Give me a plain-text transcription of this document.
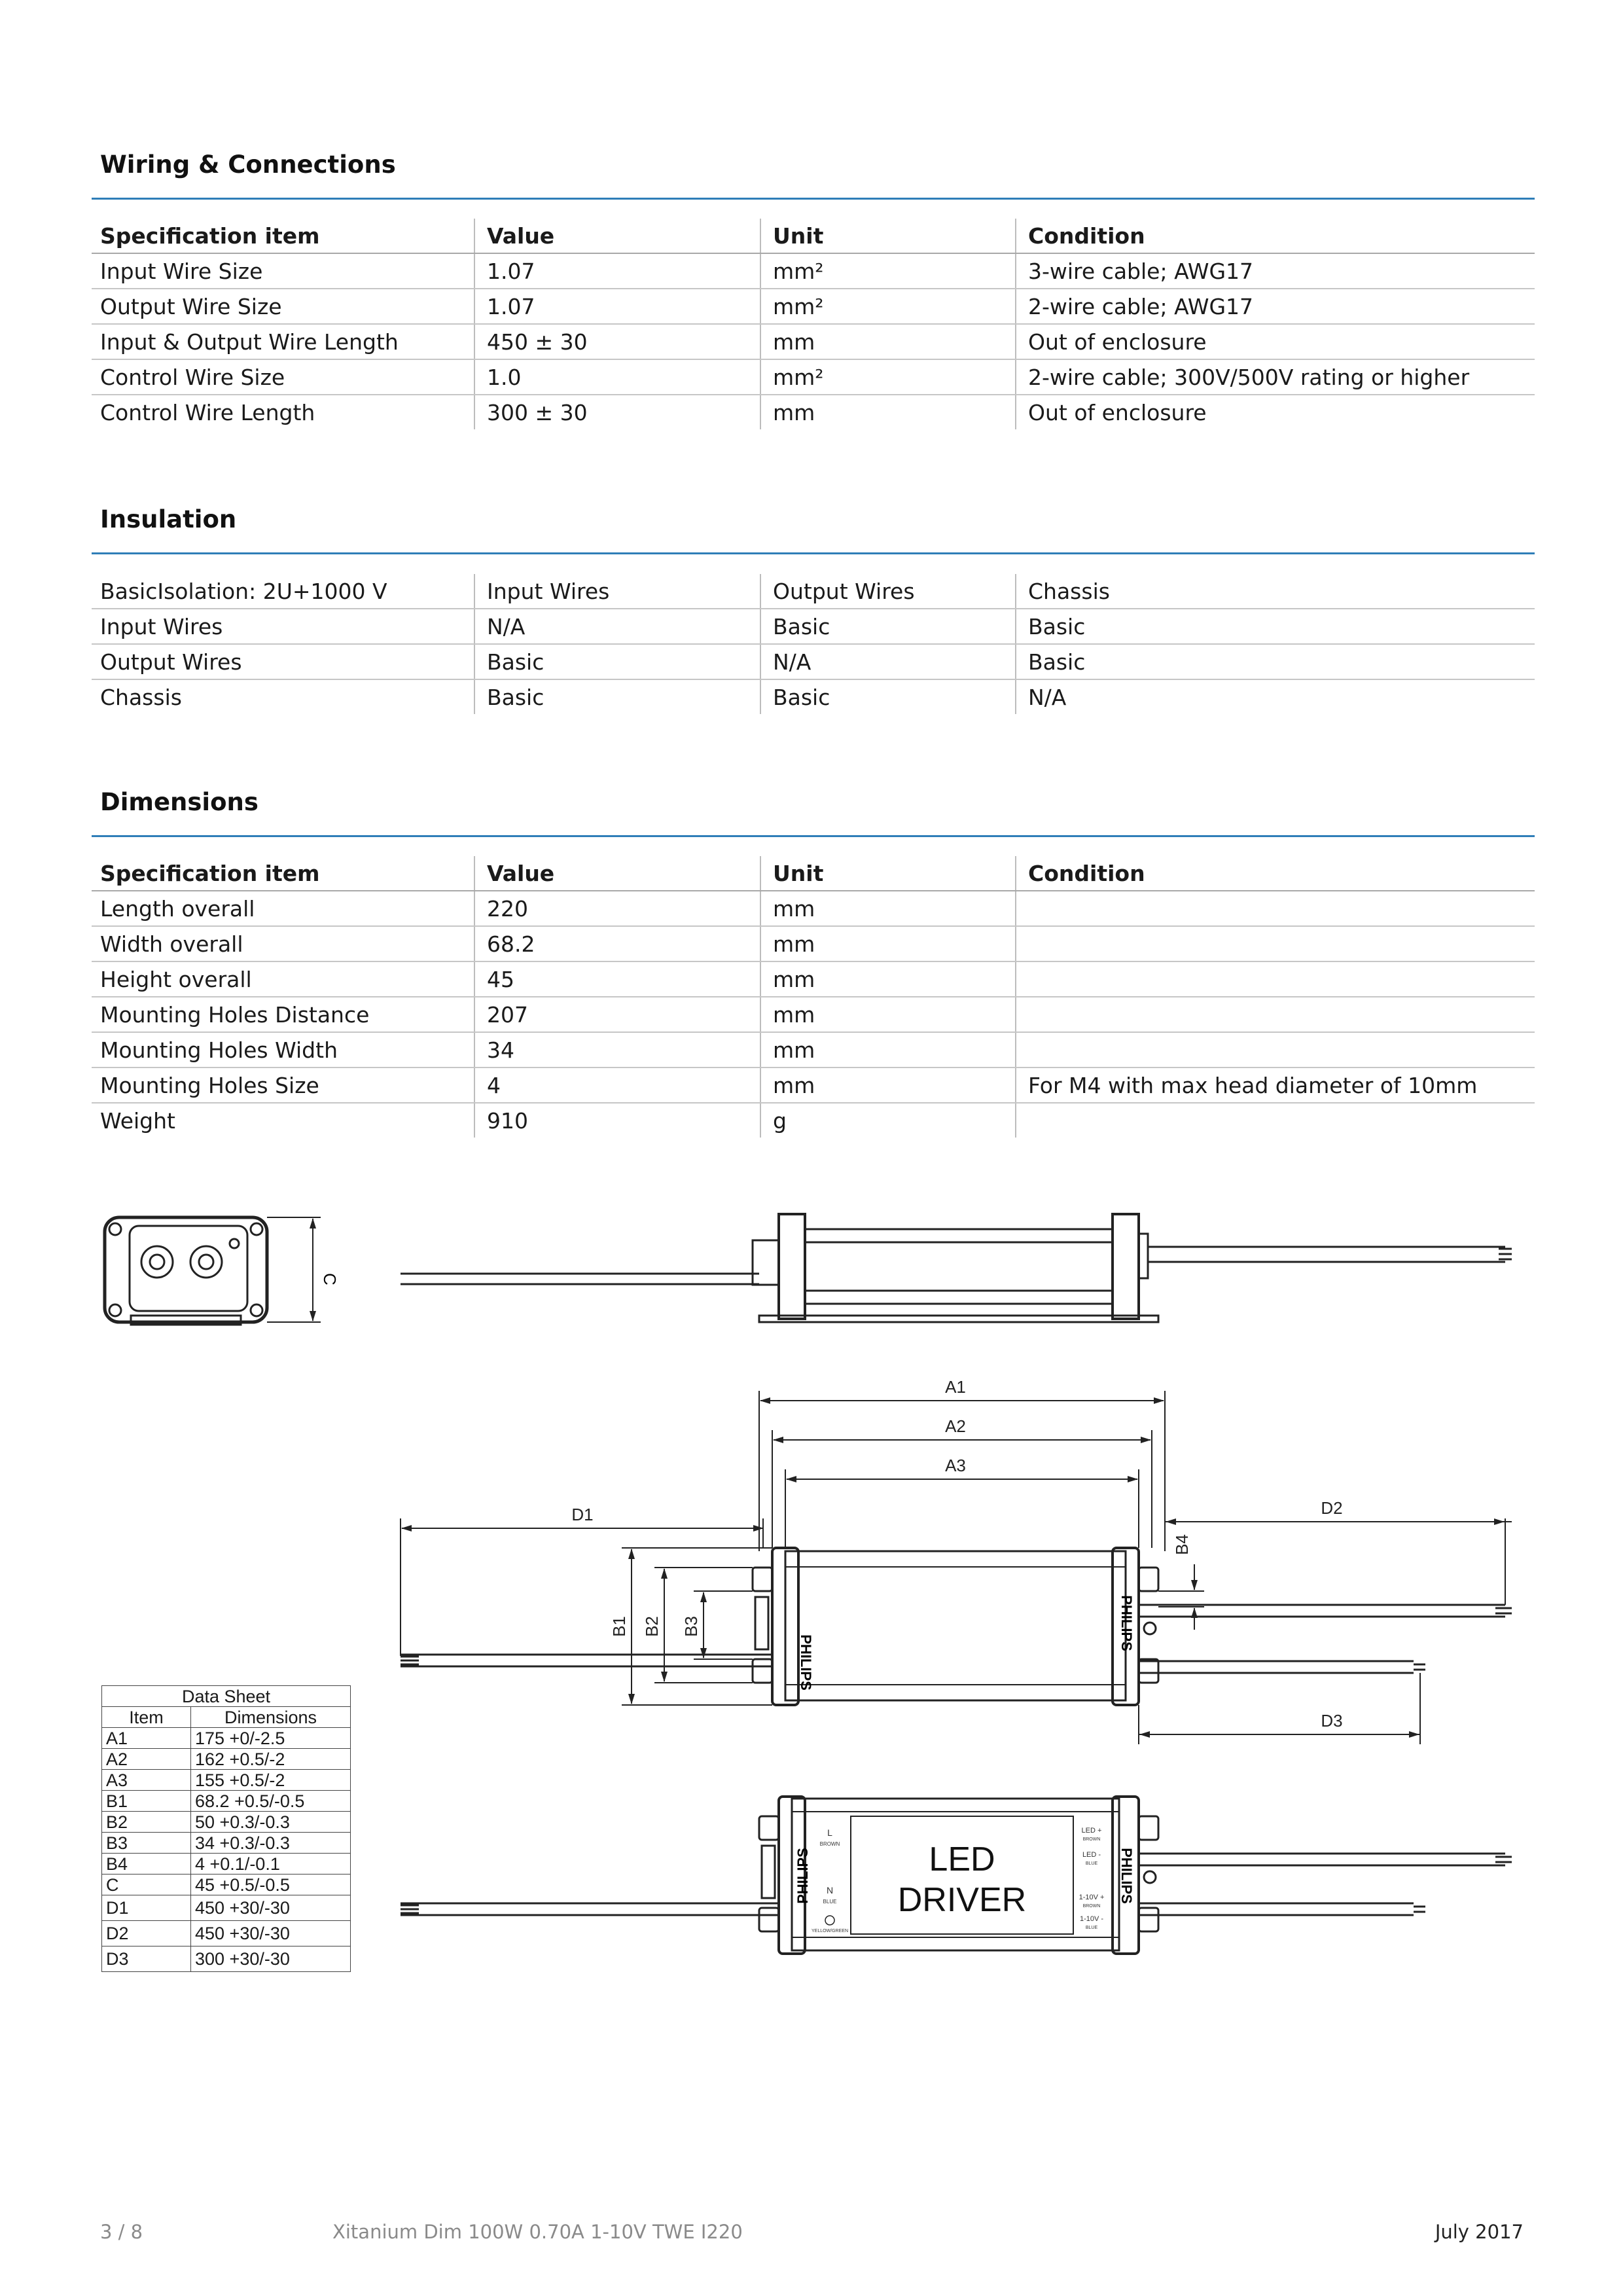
Wiring & Connections
Specification item	Value	Unit	Condition
Input Wire Size	1.07	mm²	3-wire cable; AWG17
Output Wire Size	1.07	mm²	2-wire cable; AWG17
Input & Output Wire Length	450 ± 30	mm	Out of enclosure
Control Wire Size	1.0	mm²	2-wire cable; 300V/500V rating or higher
Control Wire Length	300 ± 30	mm	Out of enclosure
Insulation
BasicIsolation: 2U+1000 V	Input Wires	Output Wires	Chassis
Input Wires	N/A	Basic	Basic
Output Wires	Basic	N/A	Basic
Chassis	Basic	Basic	N/A
Dimensions
Specification item	Value	Unit	Condition
Length overall	220	mm	
Width overall	68.2	mm	
Height overall	45	mm	
Mounting Holes Distance	207	mm	
Mounting Holes Width	34	mm	
Mounting Holes Size	4	mm	For M4 with max head diameter of 10mm
Weight	910	g	
C
PHILIPS
PHILIPS
A1
A2
A3
D1	D2
D3
B1 B2 B3
B4
PHILIPS	PHILIPS
LED
DRIVER
L
BROWN
N
BLUE
YELLOW/GREEN
LED +
BROWN
LED -
BLUE
1-10V +
BROWN
1-10V -
BLUE
Data Sheet	
Item	Dimensions
A1	175 +0/-2.5
A2	162 +0.5/-2
A3	155 +0.5/-2
B1	68.2 +0.5/-0.5
B2	50 +0.3/-0.3
B3	34 +0.3/-0.3
B4	4 +0.1/-0.1
C	45 +0.5/-0.5
D1	450 +30/-30
D2	450 +30/-30
D3	300 +30/-30
3 / 8	Xitanium Dim 100W 0.70A 1-10V TWE I220	July 2017
